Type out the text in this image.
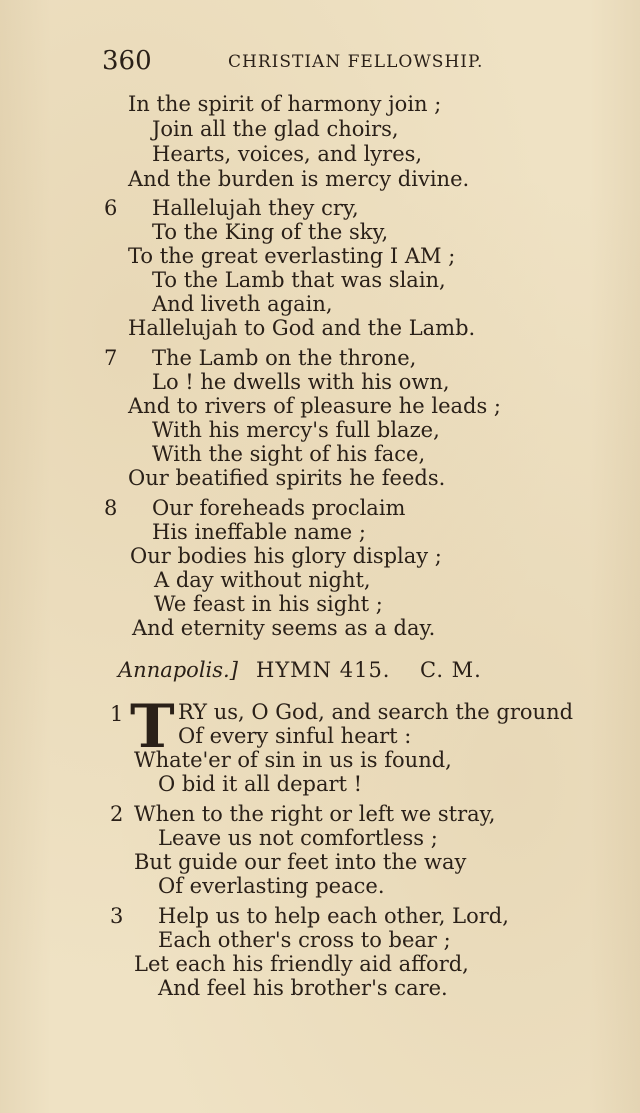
360	CHRISTIAN FELLOWSHIP.
In the spirit of harmony join ;
Join all the glad choirs,
Hearts, voices, and lyres,
And the burden is mercy divine.
6 Hallelujah they cry,
To the King of the sky,
To the great everlasting I AM ;
To the Lamb that was slain,
And liveth again,
Hallelujah to God and the Lamb.
7 The Lamb on the throne,
Lo ! he dwells with his own,
And to rivers of pleasure he leads ;
With his mercy's full blaze,
With the sight of his face,
Our beatified spirits he feeds.
8 Our foreheads proclaim
His ineffable name ;
Our bodies his glory display ;
A day without night,
We feast in his sight ;
And eternity seems as a day.
Annapolis.] HYMN 415. C. M.
1 T RY us, O God, and search the ground
Of every sinful heart :
Whate'er of sin in us is found,
O bid it all depart !
2 When to the right or left we stray,
Leave us not comfortless ;
But guide our feet into the way
Of everlasting peace.
3 Help us to help each other, Lord,
Each other's cross to bear ;
Let each his friendly aid afford,
And feel his brother's care.
